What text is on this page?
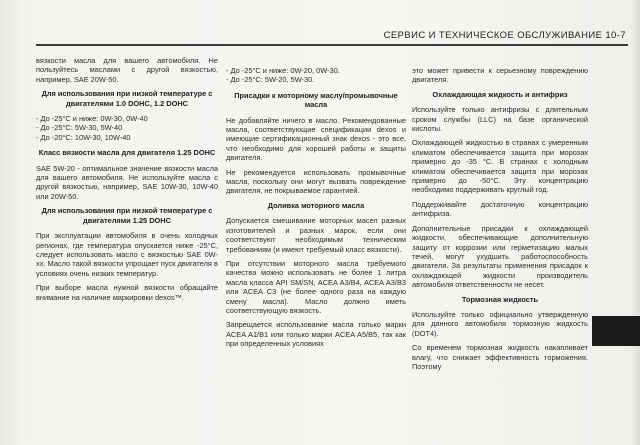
СЕРВИС И ТЕХНИЧЕСКОЕ ОБСЛУЖИВАНИЕ 10-7

вязкости масла для вашего автомобиля. Не пользуйтесь маслами с другой вязкостью, например, SAE 20W-50.

Для использования при низкой температуре с двигателями 1.0 DOHC, 1.2 DOHC
- До -25°C и ниже: 0W-30, 0W-40
- До -25°C: 5W-30, 5W-40
- До -20°C: 10W-30, 10W-40
Класс вязкости масла для двигателя 1.25 DOHC

SAE 5W-20 - оптимальное значение вязкости масла для вашего автомобиля. Не используйте масла с другой вязкостью, например, SAE 10W-30, 10W-40 или 20W-50.

Для использования при низкой температуре с двигателями 1.25 DOHC

При эксплуатации автомобиля в очень холодных регионах, где температура опускается ниже -25°C, следует использовать масло с вязкостью SAE 0W-xx. Масло такой вязкости упрощает пуск двигателя в условиях очень низких температур.

При выборе масла нужной вязкости обращайте внимание на наличие маркировки dexos™.

- До -25°C и ниже: 0W-20, 0W-30.
- До -25°C: 5W-20, 5W-30.
Присадки к моторному маслу/промывочные масла

Не добавляйте ничего в масло. Рекомендованные масла, соответствующие спецификации dexos и имеющие сертификационный знак dexos - это все, что необходимо для хорошей работы и защиты двигателя.

Не рекомендуется использовать промывочные масла, поскольку они могут вызвать повреждение двигателя, не покрываемое гарантией.

Доливка моторного масла

Допускается смешивание моторных масел разных изготовителей и разных марок, если они соответствуют необходимым техническим требованиям (и имеют требуемый класс вязкости).

При отсутствии моторного масла требуемого качества можно использовать не более 1 литра масла класса API SM/SN, ACEA A3/B4, ACEA A3/B3 или ACEA C3 (не более одного раза на каждую смену масла). Масло должно иметь соответствующую вязкость.

Запрещается использование масла только марки ACEA A1/B1 или только марки ACEA A5/B5, так как при определенных условиях

это может привести к серьезному повреждению двигателя.

Охлаждающая жидкость и антифриз

Используйте только антифризы с длительным сроком службы (LLC) на базе органической кислоты.

Охлаждающей жидкостью в странах с умеренным климатом обеспечивается защита при морозах примерно до -35 °С. В странах с холодным климатом обеспечивается защита при морозах примерно до -50°С. Эту концентрацию необходимо поддерживать круглый год.

Поддерживайте достаточную концентрацию антифриза.

Дополнительные присадки к охлаждающей жидкости, обеспечивающие дополнительную защиту от коррозии или герметизацию малых течей, могут ухудшить работоспособность двигателя. За результаты применения присадок к охлаждающей жидкости производитель автомобиля ответственности не несет.

Тормозная жидкость

Используйте только официально утвержденную для данного автомобиля тормозную жидкость (DOT4).

Со временем тормозная жидкость накапливает влагу, что снижает эффективность торможения. Поэтому
